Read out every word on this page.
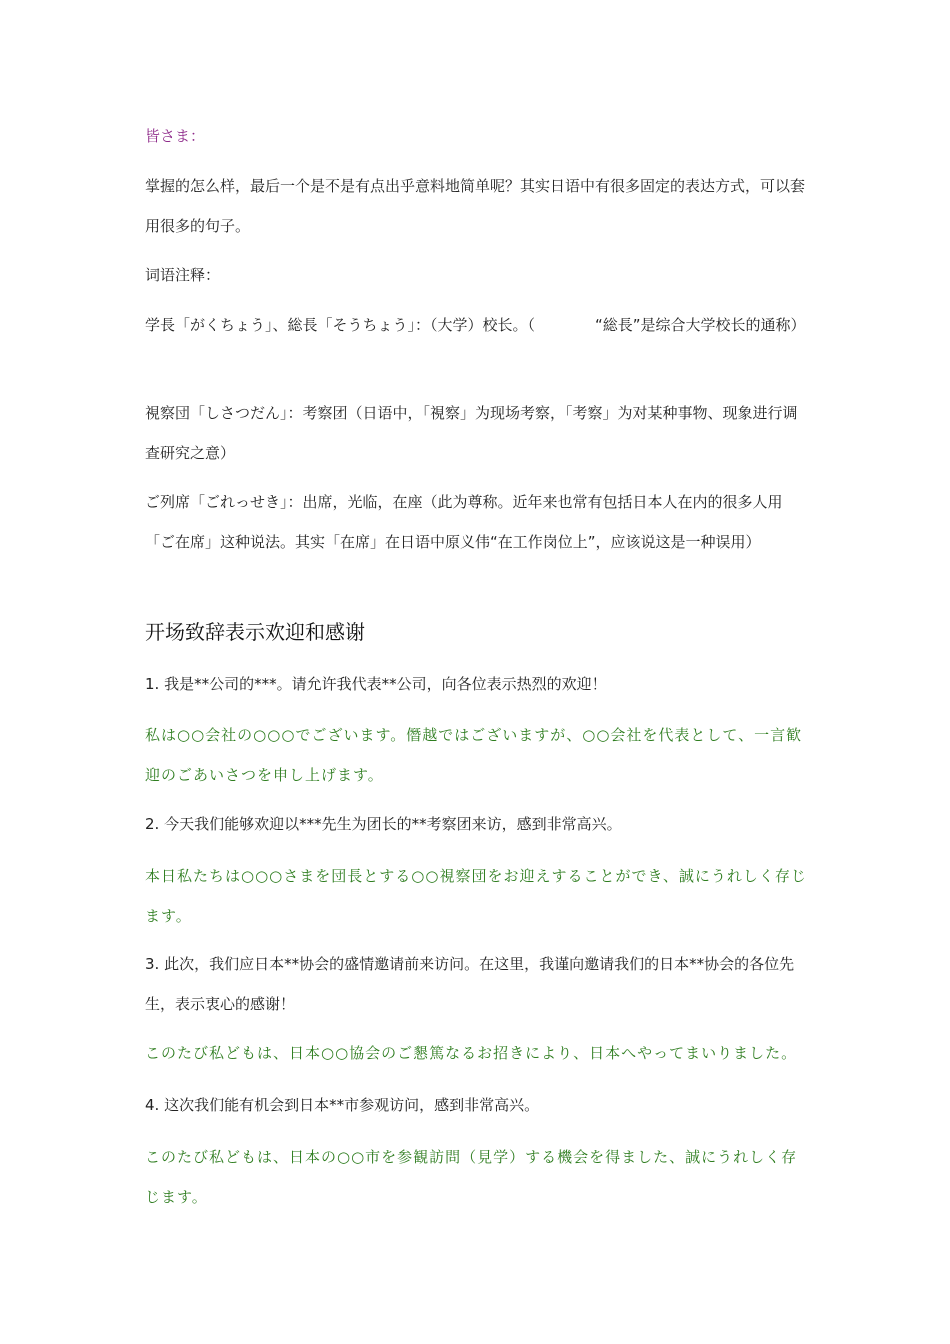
皆さま：

掌握的怎么样，最后一个是不是有点出乎意料地简单呢？其实日语中有很多固定的表达方式，可以套用很多的句子。

词语注释：

学長「がくちょう」、総長「そうちょう」：（大学）校长。（　　　　“総長”是综合大学校长的通称）

視察団「しさつだん」：考察团（日语中，「視察」为现场考察，「考察」为对某种事物、现象进行调查研究之意）

ご列席「ごれっせき」：出席，光临，在座（此为尊称。近年来也常有包括日本人在内的很多人用「ご在席」这种说法。其实「在席」在日语中原义伟“在工作岗位上”，应该说这是一种误用）

开场致辞表示欢迎和感谢

1. 我是**公司的***。请允许我代表**公司，向各位表示热烈的欢迎！

私は○○会社の○○○でございます。僭越ではございますが、○○会社を代表として、一言歓迎のごあいさつを申し上げます。

2. 今天我们能够欢迎以***先生为团长的**考察团来访，感到非常高兴。

本日私たちは○○○さまを団長とする○○視察団をお迎えすることができ、誠にうれしく存じます。

3. 此次，我们应日本**协会的盛情邀请前来访问。在这里，我谨向邀请我们的日本**协会的各位先生，表示衷心的感谢！

このたび私どもは、日本○○協会のご懇篤なるお招きにより、日本へやってまいりました。

4. 这次我们能有机会到日本**市参观访问，感到非常高兴。

このたび私どもは、日本の○○市を参観訪問（見学）する機会を得ました、誠にうれしく存じます。
